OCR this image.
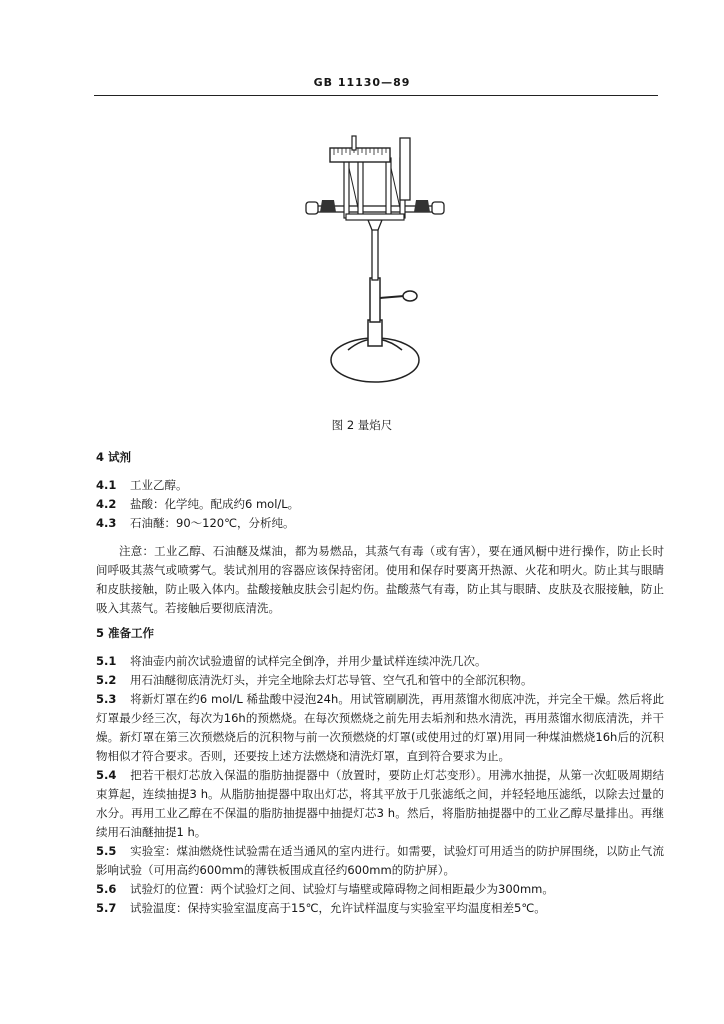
GB 11130—89
图 2 量焰尺
4 试剂
4.1 工业乙醇。
4.2 盐酸：化学纯。配成约6 mol/L。
4.3 石油醚：90～120℃，分析纯。
注意：工业乙醇、石油醚及煤油，都为易燃品，其蒸气有毒（或有害），要在通风橱中进行操作，防止长时间呼吸其蒸气或喷雾气。装试剂用的容器应该保持密闭。使用和保存时要离开热源、火花和明火。防止其与眼睛和皮肤接触，防止吸入体内。盐酸接触皮肤会引起灼伤。盐酸蒸气有毒，防止其与眼睛、皮肤及衣服接触，防止吸入其蒸气。若接触后要彻底清洗。
5 准备工作
5.1 将油壶内前次试验遗留的试样完全倒净，并用少量试样连续冲洗几次。
5.2 用石油醚彻底清洗灯头，并完全地除去灯芯导管、空气孔和管中的全部沉积物。
5.3 将新灯罩在约6 mol/L 稀盐酸中浸泡24h。用试管刷刷洗，再用蒸馏水彻底冲洗，并完全干燥。然后将此灯罩最少经三次，每次为16h的预燃烧。在每次预燃烧之前先用去垢剂和热水清洗，再用蒸馏水彻底清洗，并干燥。新灯罩在第三次预燃烧后的沉积物与前一次预燃烧的灯罩(或使用过的灯罩)用同一种煤油燃烧16h后的沉积物相似才符合要求。否则，还要按上述方法燃烧和清洗灯罩，直到符合要求为止。
5.4 把若干根灯芯放入保温的脂肪抽提器中（放置时，要防止灯芯变形）。用沸水抽提，从第一次虹吸周期结束算起，连续抽提3 h。从脂肪抽提器中取出灯芯，将其平放于几张滤纸之间，并轻轻地压滤纸，以除去过量的水分。再用工业乙醇在不保温的脂肪抽提器中抽提灯芯3 h。然后，将脂肪抽提器中的工业乙醇尽量排出。再继续用石油醚抽提1 h。
5.5 实验室：煤油燃烧性试验需在适当通风的室内进行。如需要，试验灯可用适当的防护屏围绕，以防止气流影响试验（可用高约600mm的薄铁板围成直径约600mm的防护屏）。
5.6 试验灯的位置：两个试验灯之间、试验灯与墙壁或障碍物之间相距最少为300mm。
5.7 试验温度：保持实验室温度高于15℃，允许试样温度与实验室平均温度相差5℃。
